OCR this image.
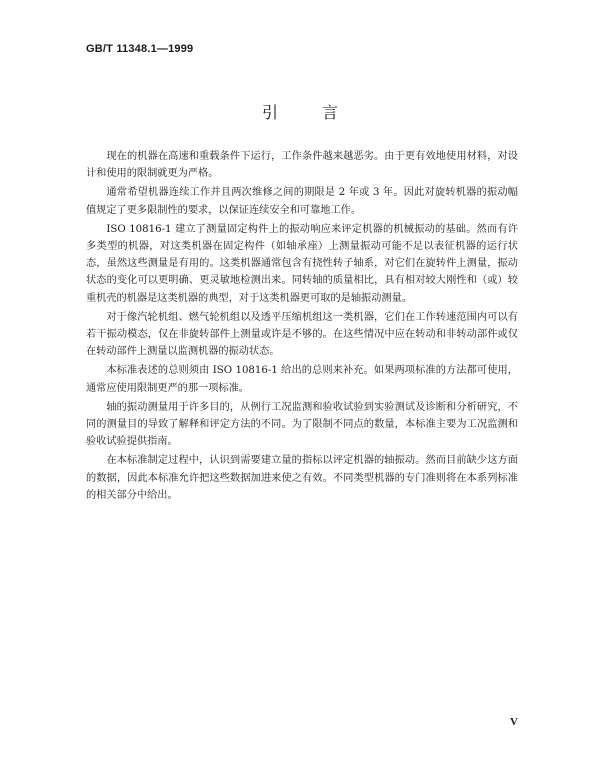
GB/T 11348.1—1999
引言

现在的机器在高速和重载条件下运行，工作条件越来越恶劣。由于更有效地使用材料，对设计和使用的限制就更为严格。

通常希望机器连续工作并且两次维修之间的期限是 2 年或 3 年。因此对旋转机器的振动幅值规定了更多限制性的要求，以保证连续安全和可靠地工作。

ISO 10816-1 建立了测量固定构件上的振动响应来评定机器的机械振动的基础。然而有许多类型的机器，对这类机器在固定构件（如轴承座）上测量振动可能不足以表征机器的运行状态，虽然这些测量是有用的。这类机器通常包含有挠性转子轴系，对它们在旋转件上测量，振动状态的变化可以更明确、更灵敏地检测出来。同转轴的质量相比，具有相对较大刚性和（或）较重机壳的机器是这类机器的典型，对于这类机器更可取的是轴振动测量。

对于像汽轮机组、燃气轮机组以及透平压缩机组这一类机器，它们在工作转速范围内可以有若干振动模态，仅在非旋转部件上测量或许是不够的。在这些情况中应在转动和非转动部件或仅在转动部件上测量以监测机器的振动状态。

本标准表述的总则须由 ISO 10816-1 给出的总则来补充。如果两项标准的方法都可使用，通常应使用限制更严的那一项标准。

轴的振动测量用于许多目的，从例行工况监测和验收试验到实验测试及诊断和分析研究，不同的测量目的导致了解释和评定方法的不同。为了限制不同点的数量，本标准主要为工况监测和验收试验提供指南。

在本标准制定过程中，认识到需要建立量的指标以评定机器的轴振动。然而目前缺少这方面的数据，因此本标准允许把这些数据加进来使之有效。不同类型机器的专门准则将在本系列标准的相关部分中给出。

V
